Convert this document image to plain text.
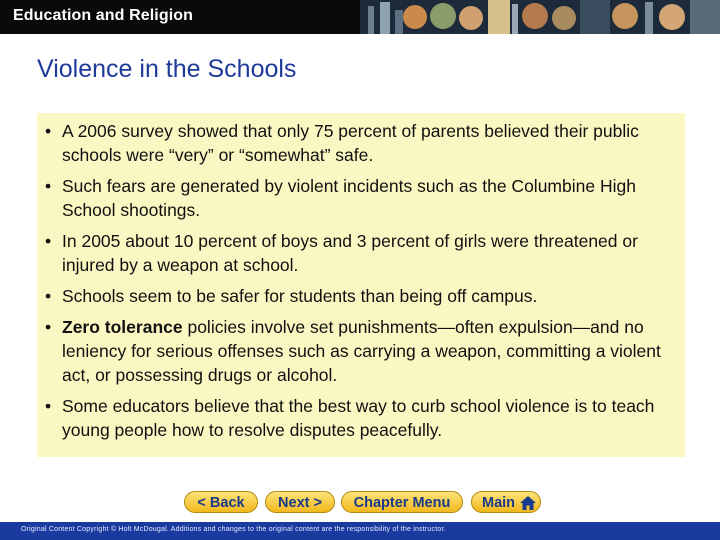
Education and Religion
Violence in the Schools
• A 2006 survey showed that only 75 percent of parents believed their public schools were “very” or “somewhat” safe.
• Such fears are generated by violent incidents such as the Columbine High School shootings.
• In 2005 about 10 percent of boys and 3 percent of girls were threatened or injured by a weapon at school.
• Schools seem to be safer for students than being off campus.
• Zero tolerance policies involve set punishments—often expulsion—and no leniency for serious offenses such as carrying a weapon, committing a violent act, or possessing drugs or alcohol.
• Some educators believe that the best way to curb school violence is to teach young people how to resolve disputes peacefully.
< Back	Next >	Chapter Menu	Main
Original Content Copyright © Holt McDougal. Additions and changes to the original content are the responsibility of the instructor.
